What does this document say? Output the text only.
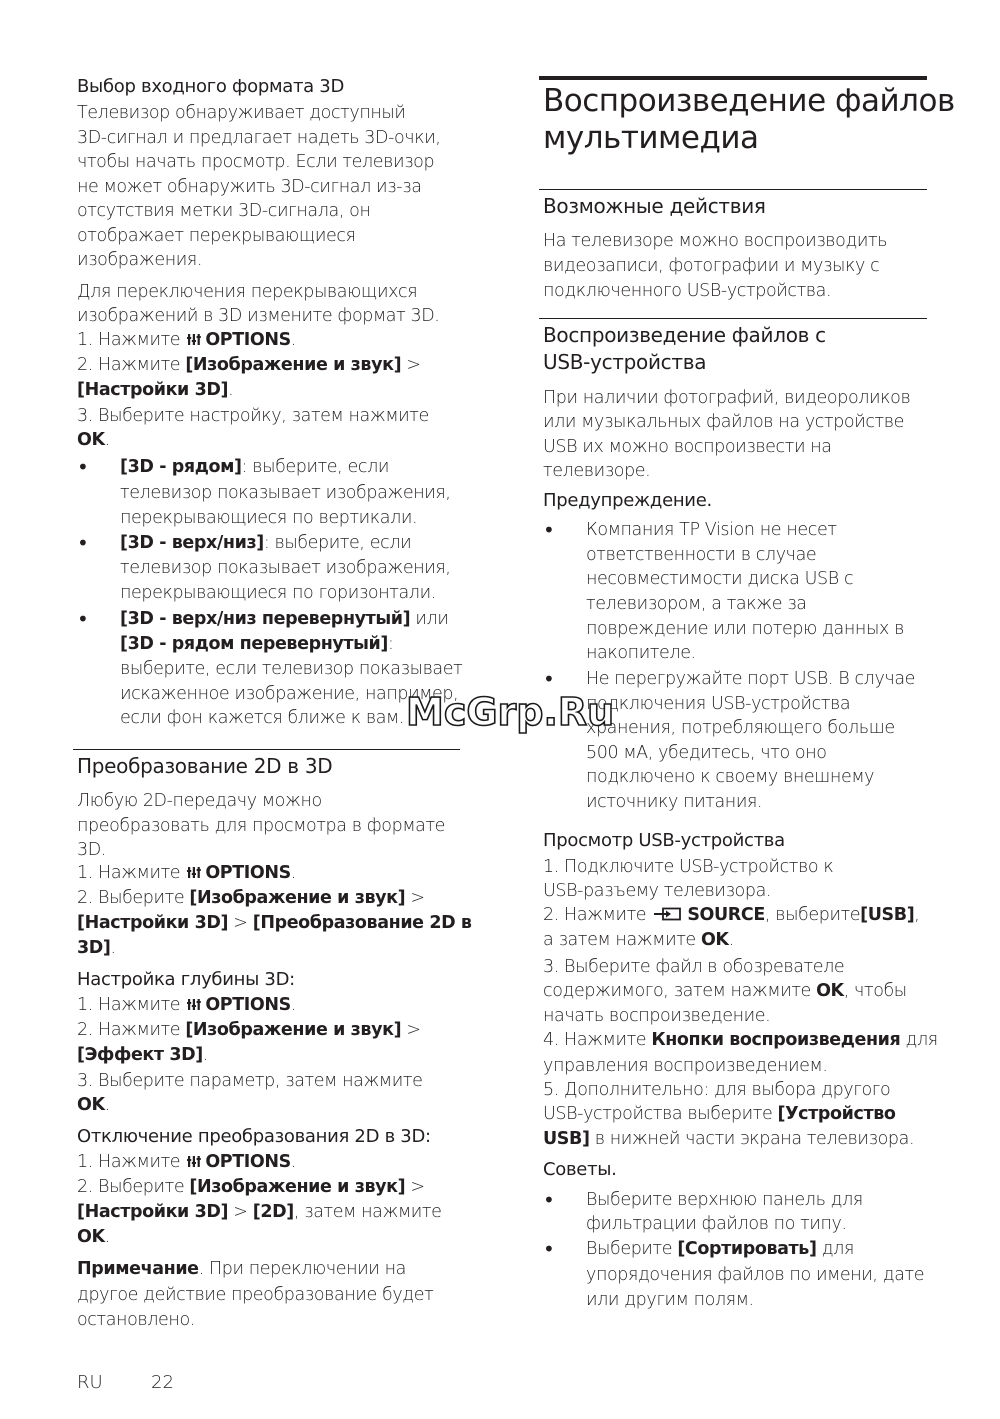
Выбор входного формата 3D
Телевизор обнаруживает доступный
3D-сигнал и предлагает надеть 3D-очки,
чтобы начать просмотр. Если телевизор
не может обнаружить 3D-сигнал из-за
отсутствия метки 3D-сигнала, он
отображает перекрывающиеся
изображения.
Для переключения перекрывающихся
изображений в 3D измените формат 3D.
1. Нажмите OPTIONS.
2. Нажмите [Изображение и звук] >
[Настройки 3D].
3. Выберите настройку, затем нажмите
OK.
• [3D - рядом]: выберите, если
телевизор показывает изображения,
перекрывающиеся по вертикали.
• [3D - верх/низ]: выберите, если
телевизор показывает изображения,
перекрывающиеся по горизонтали.
• [3D - верх/низ перевернутый] или
[3D - рядом перевернутый]:
выберите, если телевизор показывает
искаженное изображение, например,
если фон кажется ближе к вам.
Преобразование 2D в 3D
Любую 2D-передачу можно
преобразовать для просмотра в формате
3D.
1. Нажмите OPTIONS.
2. Выберите [Изображение и звук] >
[Настройки 3D] > [Преобразование 2D в
3D].
Настройка глубины 3D:
1. Нажмите OPTIONS.
2. Нажмите [Изображение и звук] >
[Эффект 3D].
3. Выберите параметр, затем нажмите
OK.
Отключение преобразования 2D в 3D:
1. Нажмите OPTIONS.
2. Выберите [Изображение и звук] >
[Настройки 3D] > [2D], затем нажмите
OK.
Примечание. При переключении на
другое действие преобразование будет
остановлено.
Воспроизведение файлов
мультимедиа
Возможные действия
На телевизоре можно воспроизводить
видеозаписи, фотографии и музыку с
подключенного USB-устройства.
Воспроизведение файлов с
USB-устройства
При наличии фотографий, видеороликов
или музыкальных файлов на устройстве
USB их можно воспроизвести на
телевизоре.
Предупреждение.
• Компания TP Vision не несет
ответственности в случае
несовместимости диска USB с
телевизором, а также за
повреждение или потерю данных в
накопителе.
• Не перегружайте порт USB. В случае
подключения USB-устройства
хранения, потребляющего больше
500 мА, убедитесь, что оно
подключено к своему внешнему
источнику питания.
Просмотр USB-устройства
1. Подключите USB-устройство к
USB-разъему телевизора.
2. Нажмите SOURCE, выберите[USB],
а затем нажмите OK.
3. Выберите файл в обозревателе
содержимого, затем нажмите OK, чтобы
начать воспроизведение.
4. Нажмите Кнопки воспроизведения для
управления воспроизведением.
5. Дополнительно: для выбора другого
USB-устройства выберите [Устройство
USB] в нижней части экрана телевизора.
Советы.
• Выберите верхнюю панель для
фильтрации файлов по типу.
• Выберите [Сортировать] для
упорядочения файлов по имени, дате
или другим полям.
McGrp.Ru
RU	22
